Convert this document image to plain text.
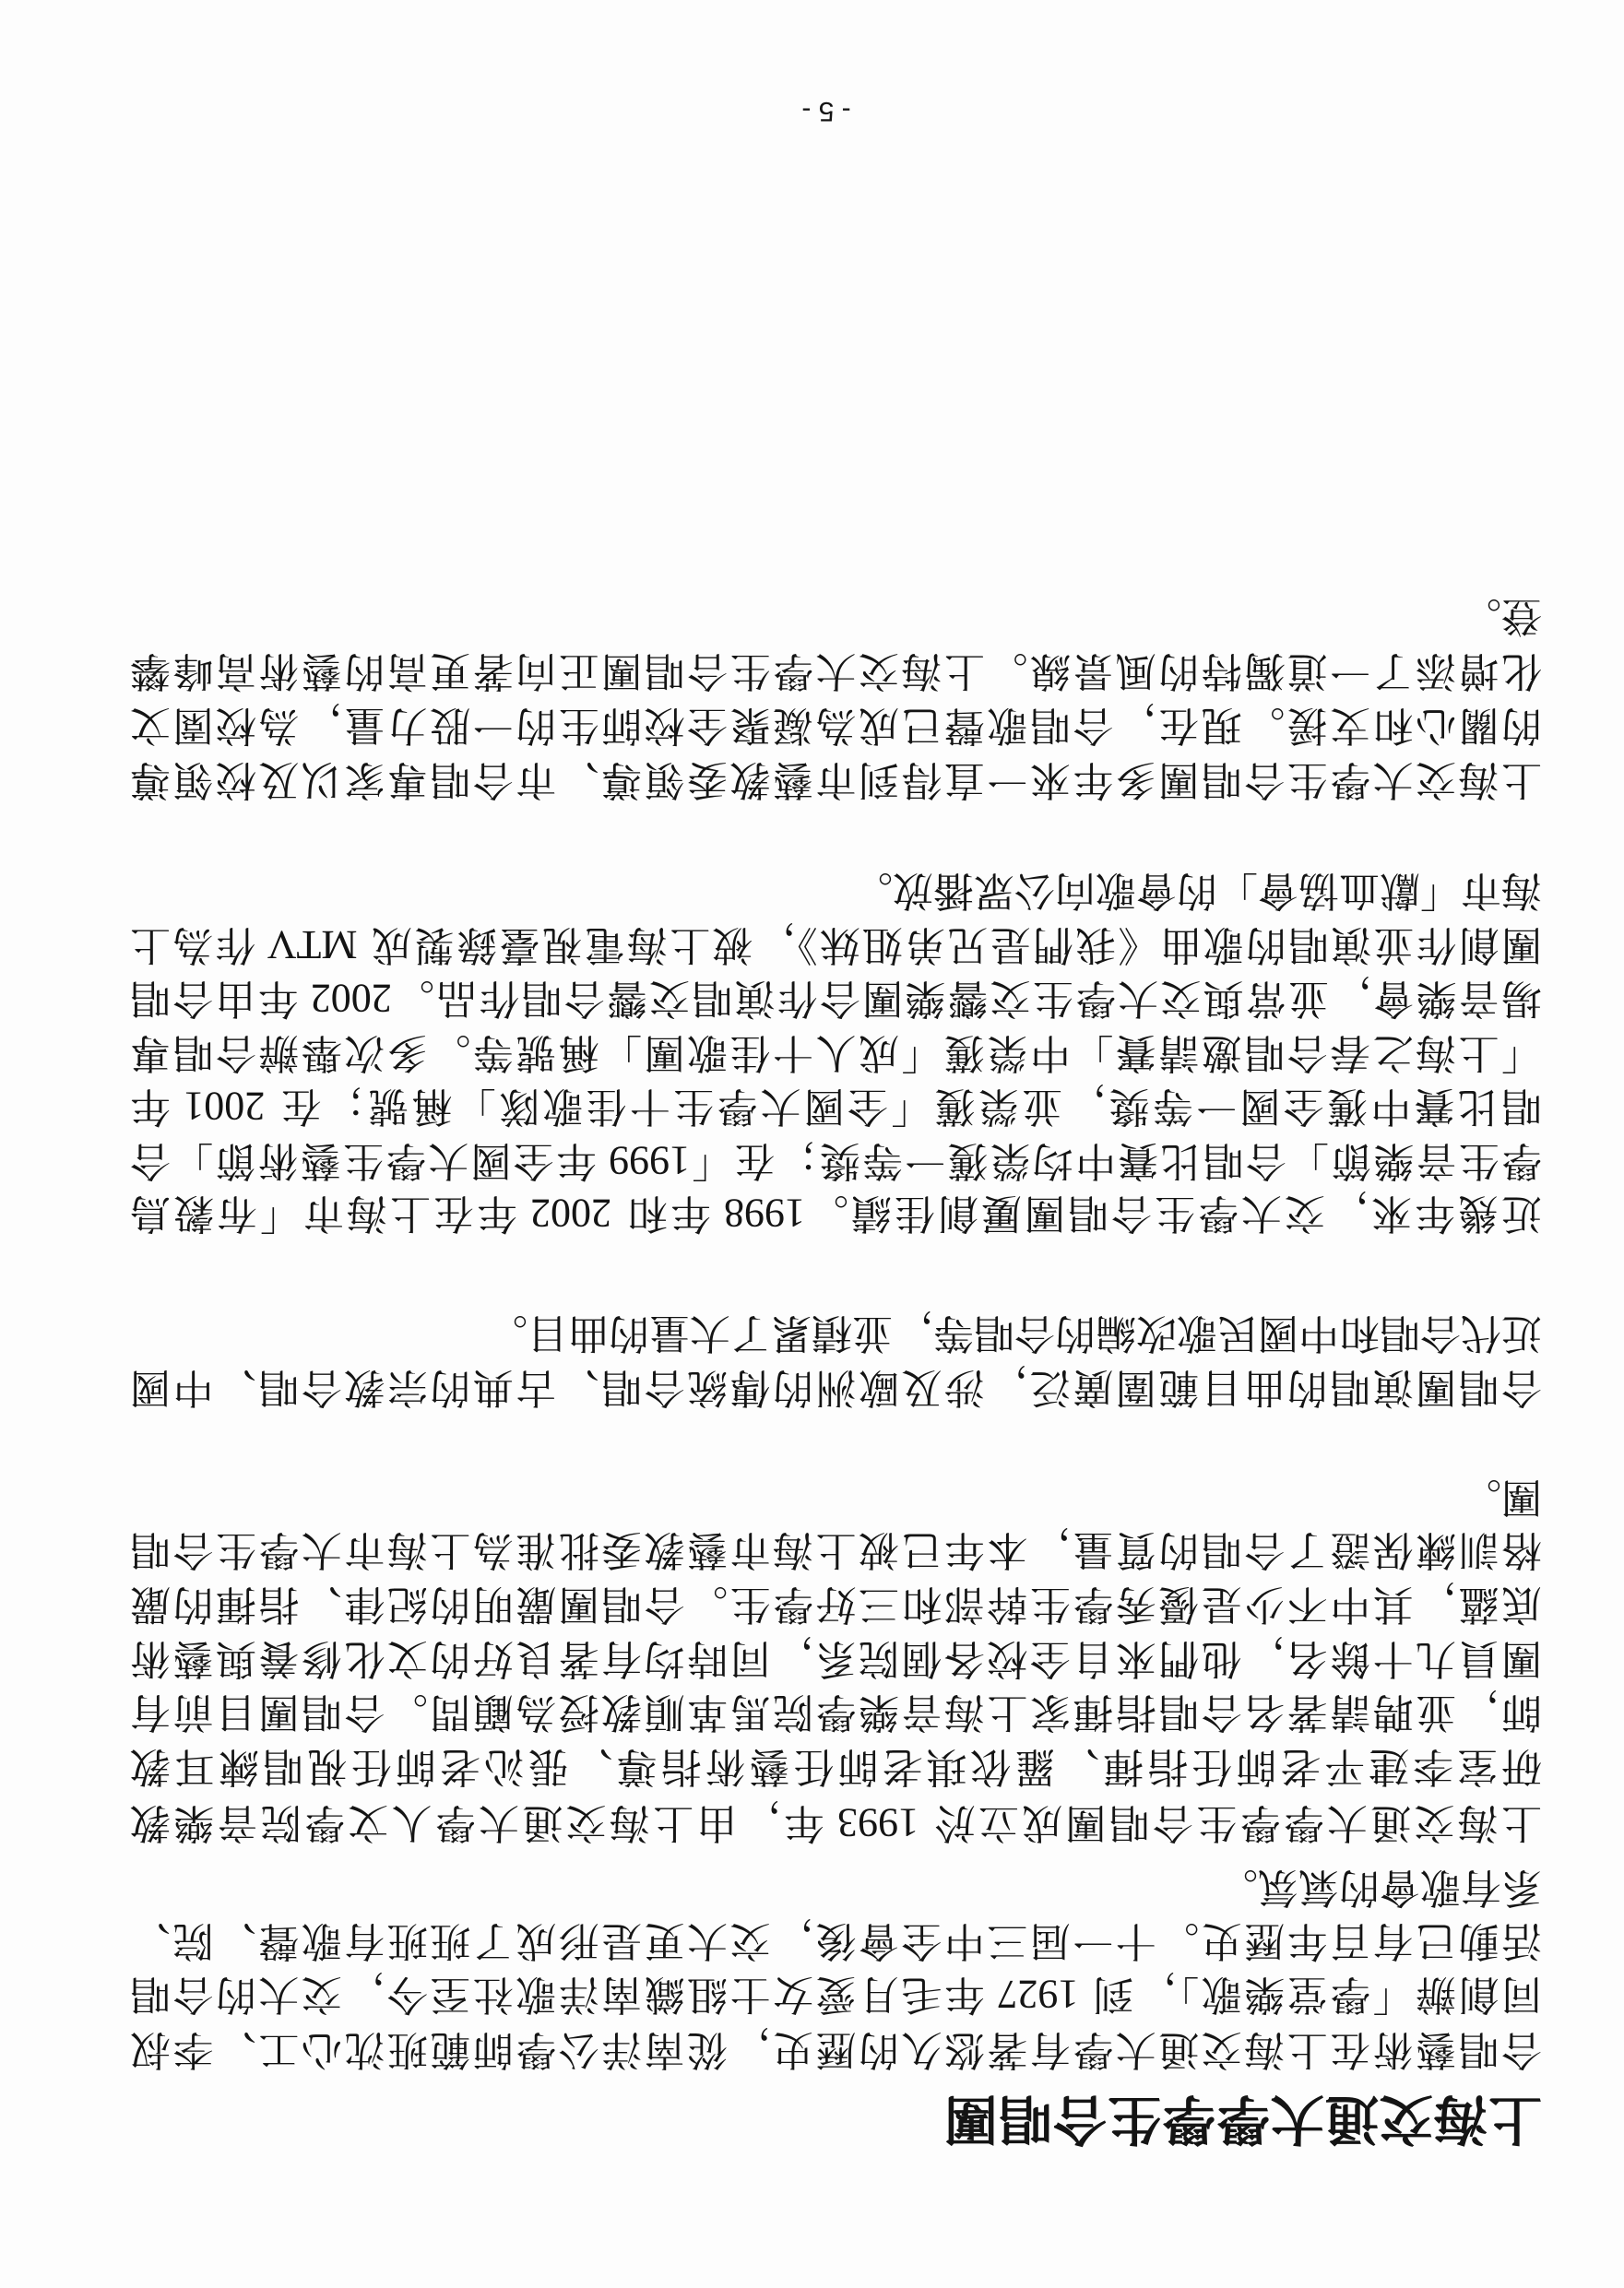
上海交通大學學生合唱團
合唱藝術在上海交通大學有著悠久的歷史，從南洋公學師範班沈心工、李叔
同創辦「學堂樂歌」，到 1927 年毛月愛女士組織南洋歌社至今，交大的合唱
活動已有百年歷史。十一屆三中全會後，交大更是形成了班班有歌聲、院、
系有歌會的氣氛。
上海交通大學學生合唱團成立於 1993 年，由上海交通大學人文學院音樂教
研室李建平老師任指揮、羅依琪老師任藝術指導、張沁老師任視唱練耳教
師，並聘請著名合唱指揮家上海音樂學院馬革順教授為顧問。合唱團目前有
團員九十餘名，他們來自全校各個院系，同時均有著良好的文化修養與藝術
底蘊，其中不少是優秀學生幹部和三好學生。合唱團嚴明的紀律、指揮的嚴
格訓練保證了合唱的質量，本年已被上海市藝教委批准為上海市大學生合唱
團。
合唱團演唱的曲目範圍廣泛，涉及歐洲的傳統合唱、古典的宗教合唱、中國
近代合唱和中國民歌改編的合唱等，並積累了大量的曲目。
近幾年來，交大學生合唱團屢創佳績。1998 年和 2002 年在上海市「布穀鳥
學生音樂節」合唱比賽中均榮獲一等獎；在「1999 年全國大學生藝術節」合
唱比賽中獲全國一等獎，並榮獲「全國大學生十佳歌隊」稱號；在 2001 年
「上海之春合唱邀請賽」中榮獲「成人十佳歌團」稱號等。多次舉辦合唱專
場音樂會，並常與交大學生交響樂團合作演唱交響合唱作品。2002 年由合唱
團創作並演唱的歌曲《我們是兄弟姐妹》，被上海電視臺錄製成 MTV 作為上
海市「獻血協會」的會歌向公眾播放。
上海交大學生合唱團多年來一直得到市藝教委領導、市合唱專家以及校領導
的關心和支援。現在，合唱歌聲已成為凝聚全校師生的一股力量，為校園文
化增添了一道獨特的風景線。上海交大學生合唱團正向著更高的藝術高峰攀
登。
- 5 -
